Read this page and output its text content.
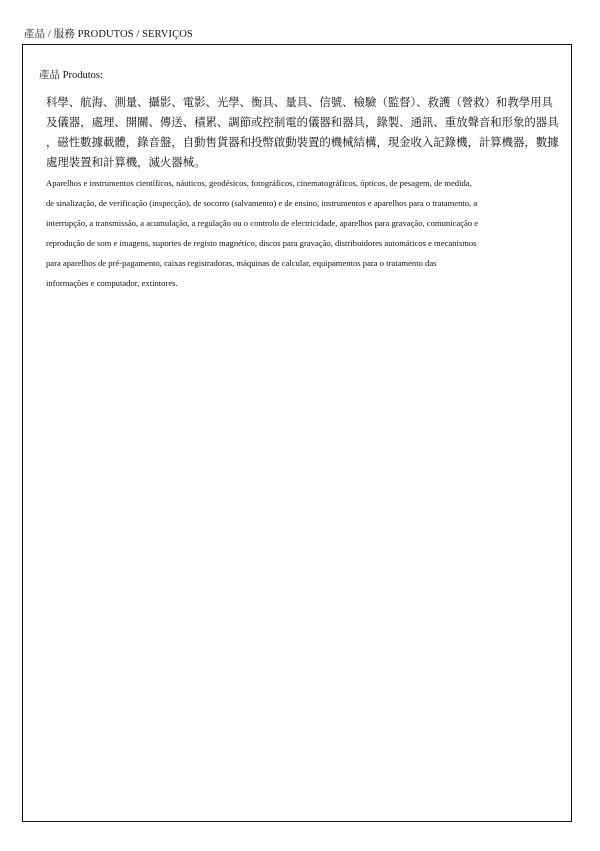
產品 / 服務 PRODUTOS / SERVIÇOS
產品 Produtos:

科學、航海、測量、攝影、電影、光學、衡具、量具、信號、檢驗（監督）、救護（營救）和教學用具
及儀器，處理、開關、傳送、積累、調節或控制電的儀器和器具，錄製、通訊、重放聲音和形象的器具
，磁性數據載體，錄音盤，自動售貨器和投幣啟動裝置的機械結構，現金收入記錄機，計算機器，數據
處理裝置和計算機，滅火器械。

Aparelhos e instrumentos científicos, náuticos, geodésicos, fotográficos, cinematográficos, ópticos, de pesagem, de medida,
de sinalização, de verificação (inspecção), de socorro (salvamento) e de ensino, instrumentos e aparelhos para o tratamento, a
interrupção, a transmissão, a acumulação, a regulação ou o controlo de electricidade, aparelhos para gravação, comunicação e
reprodução de som e imagens, suportes de registo magnético, discos para gravação, distribuidores automáticos e mecanismos
para aparelhos de pré-pagamento, caixas registradoras, máquinas de calcular, equipamentos para o tratamento das
informações e computador, extintores.
